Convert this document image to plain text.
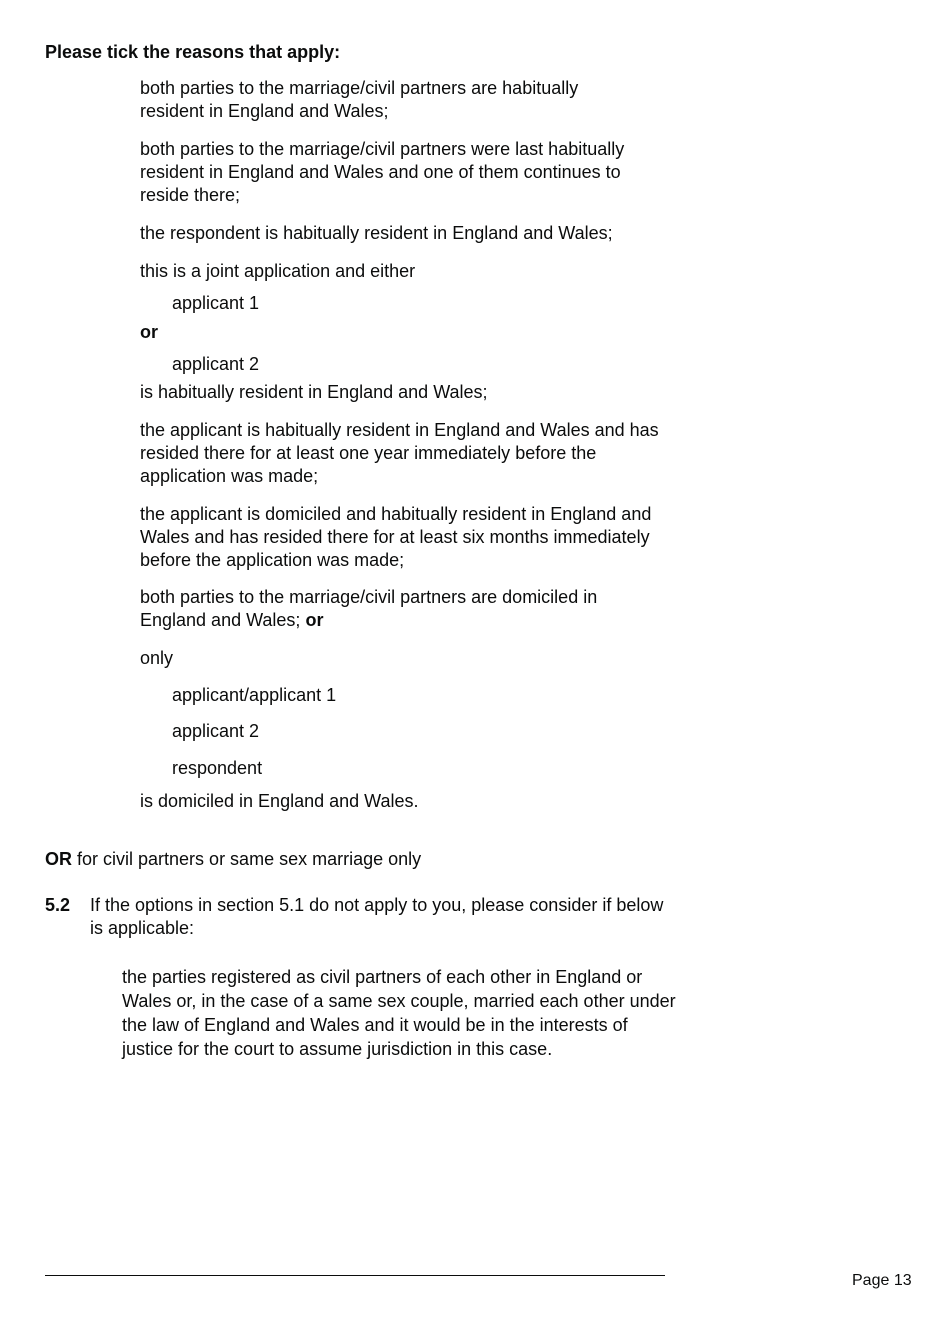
Please tick the reasons that apply:

both parties to the marriage/civil partners are habitually resident in England and Wales;

both parties to the marriage/civil partners were last habitually resident in England and Wales and one of them continues to reside there;

the respondent is habitually resident in England and Wales;

this is a joint application and either

applicant 1

or

applicant 2

is habitually resident in England and Wales;

the applicant is habitually resident in England and Wales and has resided there for at least one year immediately before the application was made;

the applicant is domiciled and habitually resident in England and Wales and has resided there for at least six months immediately before the application was made;

both parties to the marriage/civil partners are domiciled in England and Wales; or

only

applicant/applicant 1

applicant 2

respondent

is domiciled in England and Wales.

OR for civil partners or same sex marriage only

5.2	If the options in section 5.1 do not apply to you, please consider if below is applicable:

the parties registered as civil partners of each other in England or Wales or, in the case of a same sex couple, married each other under the law of England and Wales and it would be in the interests of justice for the court to assume jurisdiction in this case.

Page 13
